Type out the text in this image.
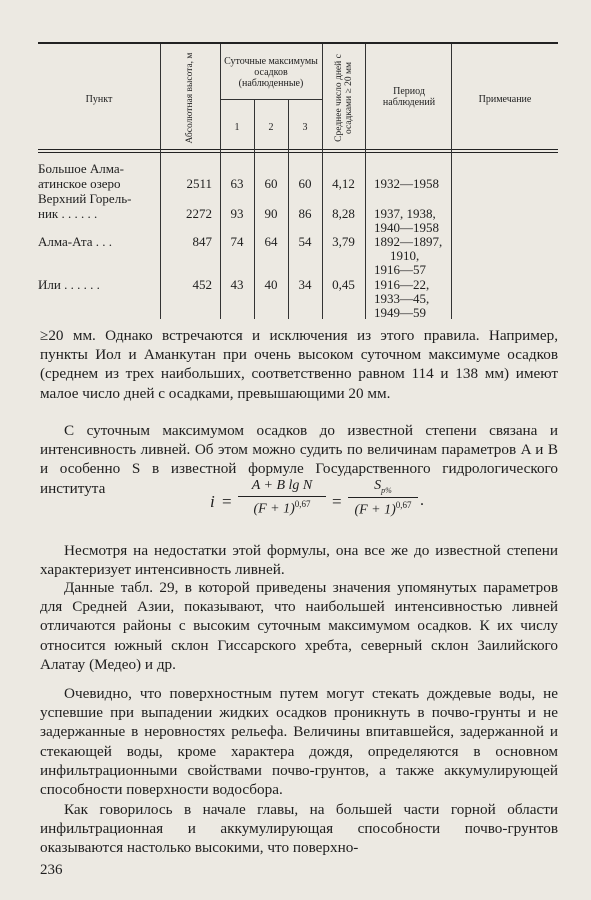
Пункт	Абсолютная высота, м	Суточные максимумы осадков (наблюденные)
1	2	3	Среднее число дней с осадками ≥ 20 мм	Период наблюдений	Примечание
Большое Алма-
атинское озеро	2511	63	60	60	4,12	1932—1958
Верхний Горель-
ник . . . . . .	2272	93	90	86	8,28	1937, 1938,
1940—1958
Алма-Ата . . .	847	74	64	54	3,79	1892—1897,
1910,
1916—57
Или . . . . . .	452	43	40	34	0,45	1916—22,
1933—45,
1949—59

≥20 мм. Однако встречаются и исключения из этого правила. Например, пункты Иол и Аманкутан при очень высоком суточном максимуме осадков (среднем из трех наибольших, соответственно равном 114 и 138 мм) имеют малое число дней с осадками, превышающими 20 мм.

С суточным максимумом осадков до известной степени связана и интенсивность ливней. Об этом можно судить по величинам параметров A и B и особенно S в известной формуле Государственного гидрологического института

i =
A + B lg N
$(F + 1)^{0,67}$	=
$S_{p\%}$
$(F + 1)^{0,67}$ .

Несмотря на недостатки этой формулы, она все же до известной степени характеризует интенсивность ливней.

Данные табл. 29, в которой приведены значения упомянутых параметров для Средней Азии, показывают, что наибольшей интенсивностью ливней отличаются районы с высоким суточным максимумом осадков. К их числу относится южный склон Гиссарского хребта, северный склон Заилийского Алатау (Медео) и др.

Очевидно, что поверхностным путем могут стекать дождевые воды, не успевшие при выпадении жидких осадков проникнуть в почво-грунты и не задержанные в неровностях рельефа. Величины впитавшейся, задержанной и стекающей воды, кроме характера дождя, определяются в основном инфильтрационными свойствами почво-грунтов, а также аккумулирующей способности поверхности водосбора.

Как говорилось в начале главы, на большей части горной области инфильтрационная и аккумулирующая способности почво-грунтов оказываются настолько высокими, что поверхно-

236
